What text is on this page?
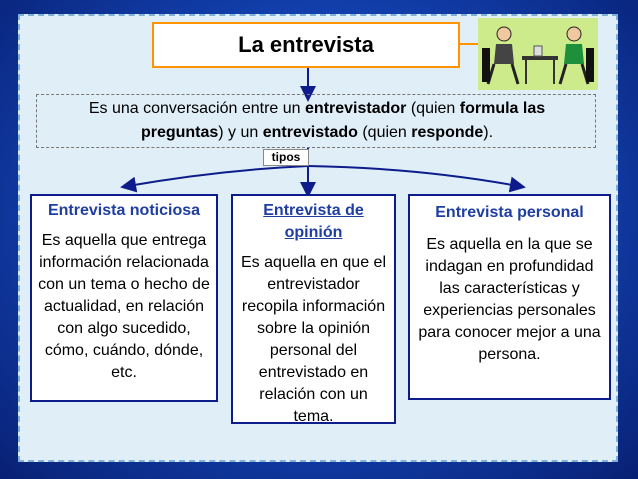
La entrevista
Es una conversación entre un entrevistador (quien formula las preguntas) y un entrevistado (quien responde).
tipos
Entrevista noticiosa
Es aquella que entrega información relacionada con un tema o hecho de actualidad, en relación con algo sucedido, cómo, cuándo, dónde, etc.
Entrevista de opinión
Es aquella en que el entrevistador recopila información sobre la opinión personal del entrevistado en relación con un tema.
Entrevista personal
Es aquella en la que se indagan en profundidad las características y experiencias personales para conocer mejor a una persona.
